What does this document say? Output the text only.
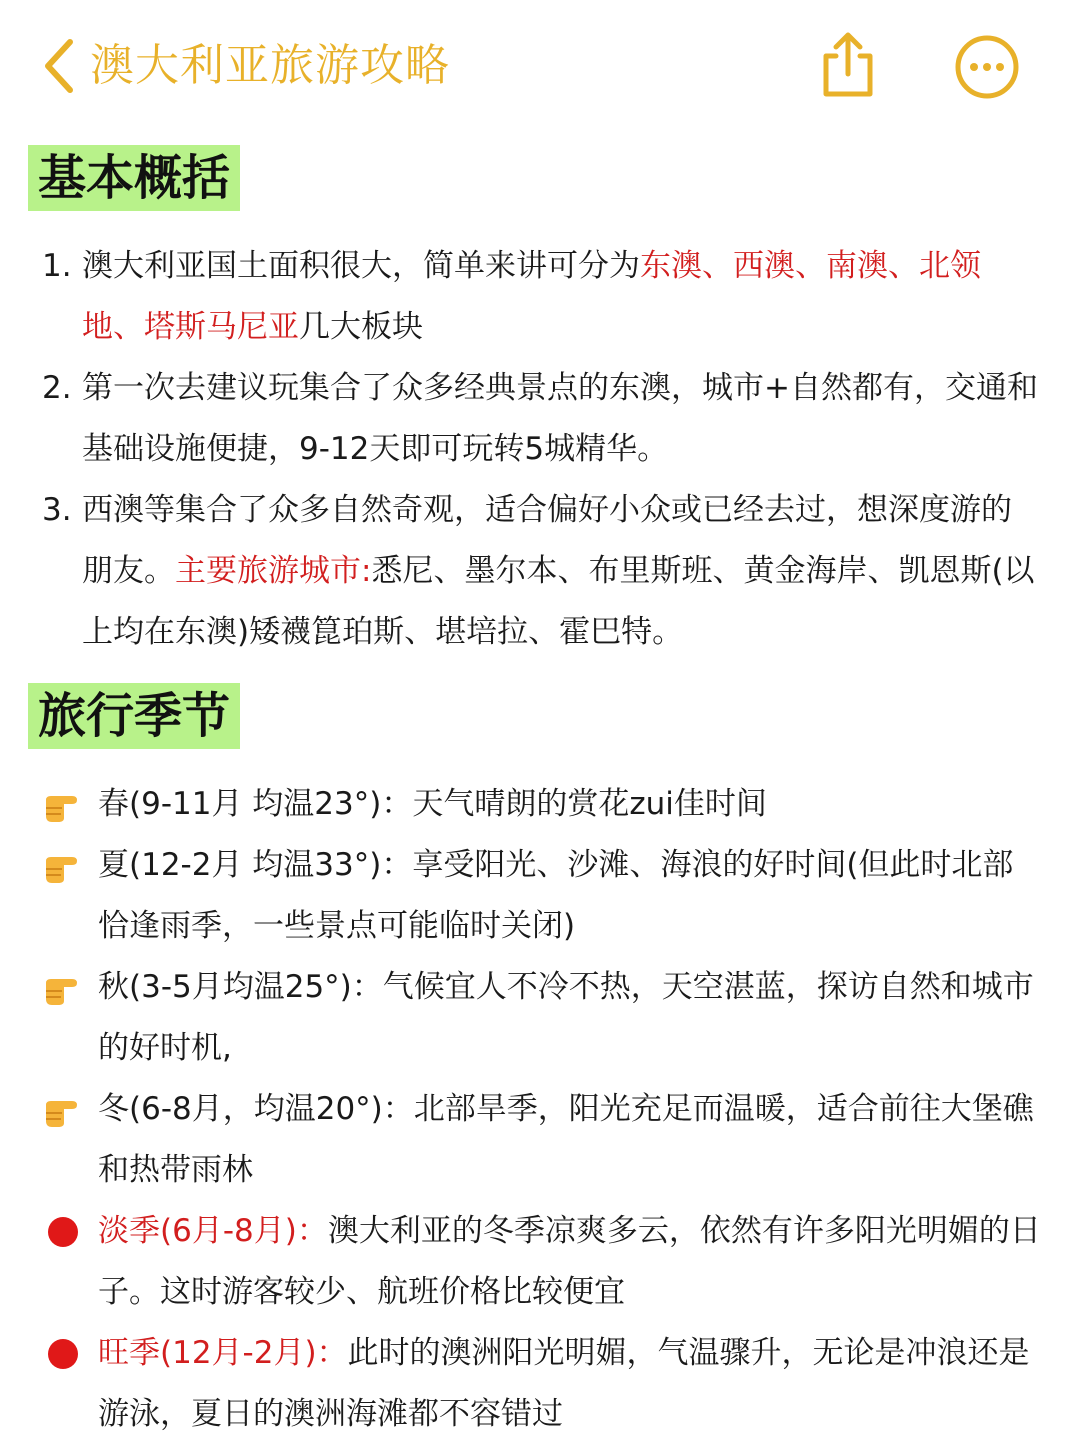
澳大利亚旅游攻略
基本概括
1. 澳大利亚国土面积很大，简单来讲可分为东澳、西澳、南澳、北领地、塔斯马尼亚几大板块
2. 第一次去建议玩集合了众多经典景点的东澳，城市+自然都有，交通和基础设施便捷，9-12天即可玩转5城精华。
3. 西澳等集合了众多自然奇观，适合偏好小众或已经去过，想深度游的朋友。主要旅游城市:悉尼、墨尔本、布里斯班、黄金海岸、凯恩斯(以上均在东澳)矮襪箟珀斯、堪培拉、霍巴特。
旅行季节
春(9-11月 均温23°)：天气晴朗的赏花zui佳时间
夏(12-2月 均温33°)：享受阳光、沙滩、海浪的好时间(但此时北部恰逢雨季，一些景点可能临时关闭)
秋(3-5月均温25°)：气候宜人不冷不热，天空湛蓝，探访自然和城市的好时机,
冬(6-8月，均温20°)：北部旱季，阳光充足而温暖，适合前往大堡礁和热带雨林
淡季(6月-8月)：澳大利亚的冬季凉爽多云，依然有许多阳光明媚的日子。这时游客较少、航班价格比较便宜
旺季(12月-2月)：此时的澳洲阳光明媚，气温骤升，无论是冲浪还是游泳，夏日的澳洲海滩都不容错过
